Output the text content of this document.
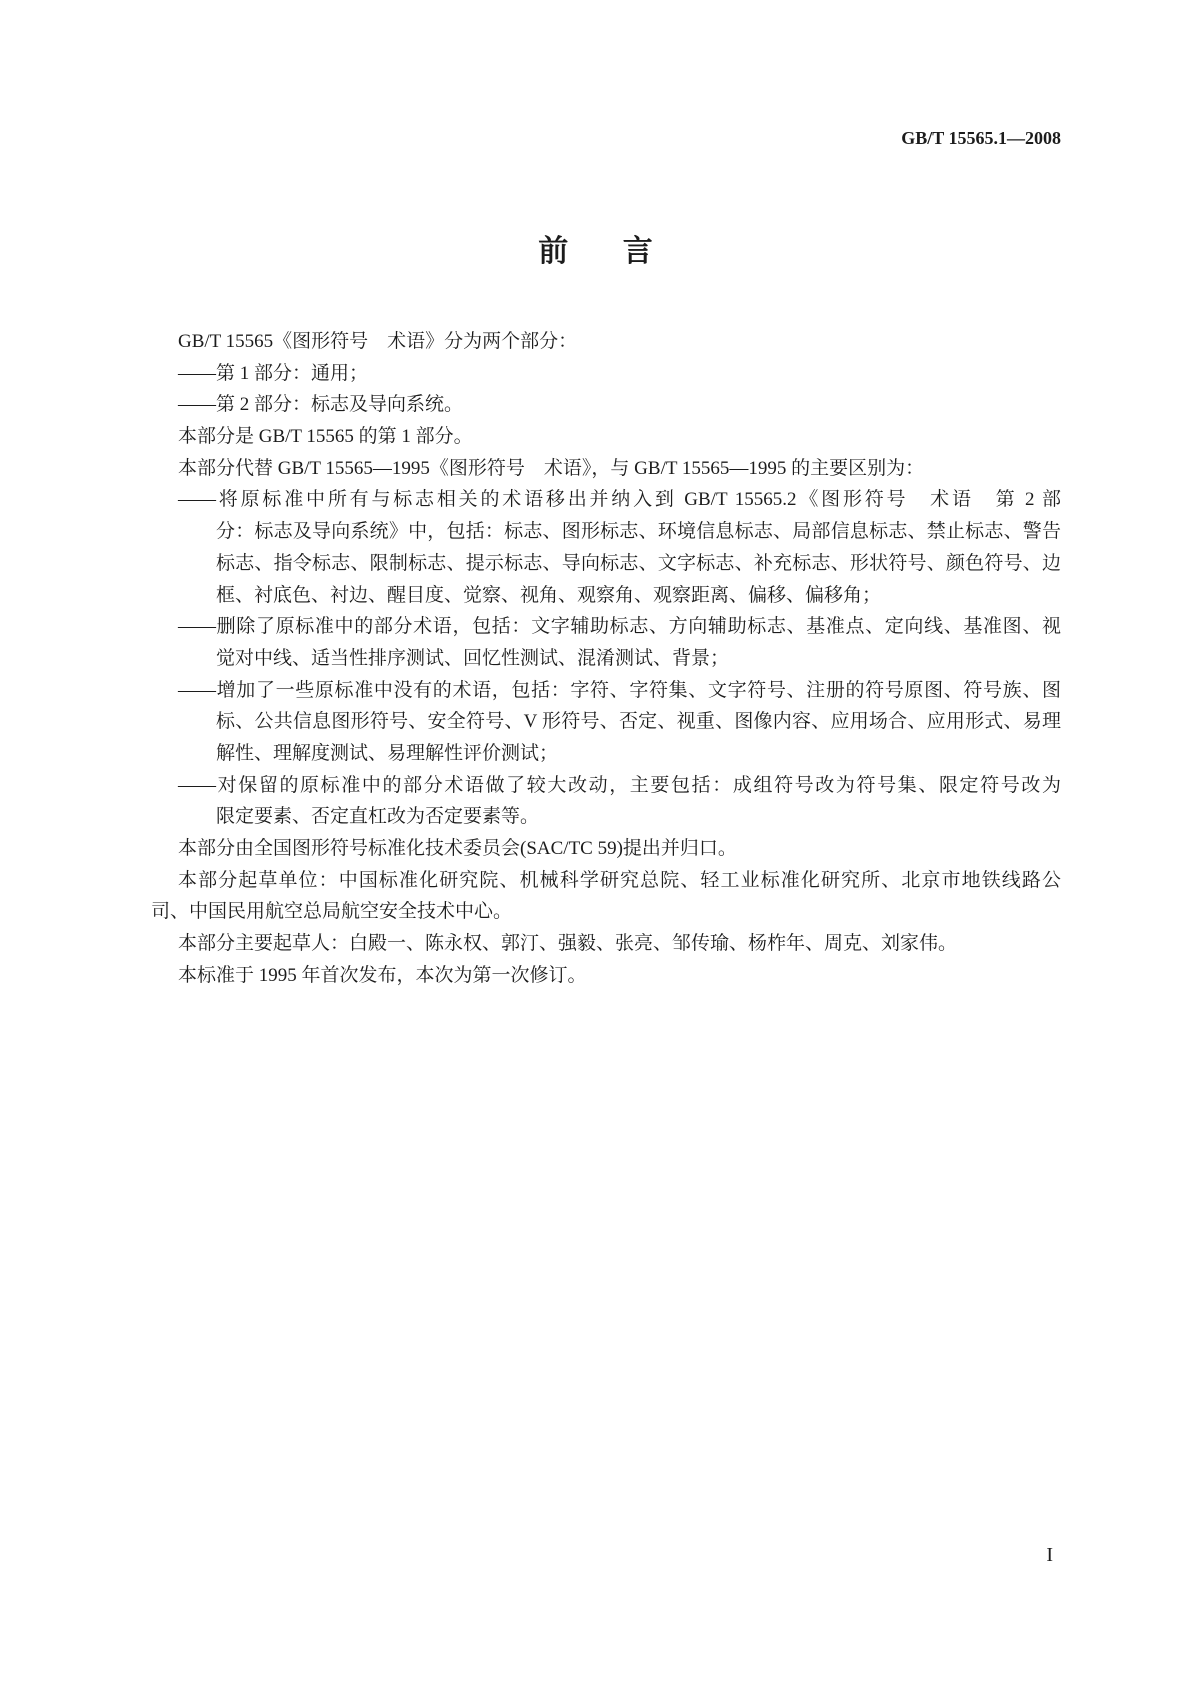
GB/T 15565.1—2008
前 言
GB/T 15565《图形符号　术语》分为两个部分：
——第 1 部分：通用；
——第 2 部分：标志及导向系统。
本部分是 GB/T 15565 的第 1 部分。
本部分代替 GB/T 15565—1995《图形符号　术语》，与 GB/T 15565—1995 的主要区别为：
——将原标准中所有与标志相关的术语移出并纳入到 GB/T 15565.2《图形符号　术语　第 2 部
分：标志及导向系统》中，包括：标志、图形标志、环境信息标志、局部信息标志、禁止标志、警告
标志、指令标志、限制标志、提示标志、导向标志、文字标志、补充标志、形状符号、颜色符号、边
框、衬底色、衬边、醒目度、觉察、视角、观察角、观察距离、偏移、偏移角；
——删除了原标准中的部分术语，包括：文字辅助标志、方向辅助标志、基准点、定向线、基准图、视
觉对中线、适当性排序测试、回忆性测试、混淆测试、背景；
——增加了一些原标准中没有的术语，包括：字符、字符集、文字符号、注册的符号原图、符号族、图
标、公共信息图形符号、安全符号、V 形符号、否定、视重、图像内容、应用场合、应用形式、易理
解性、理解度测试、易理解性评价测试；
——对保留的原标准中的部分术语做了较大改动，主要包括：成组符号改为符号集、限定符号改为
限定要素、否定直杠改为否定要素等。
本部分由全国图形符号标准化技术委员会(SAC/TC 59)提出并归口。
本部分起草单位：中国标准化研究院、机械科学研究总院、轻工业标准化研究所、北京市地铁线路公
司、中国民用航空总局航空安全技术中心。
本部分主要起草人：白殿一、陈永权、郭汀、强毅、张亮、邹传瑜、杨柞年、周克、刘家伟。
本标准于 1995 年首次发布，本次为第一次修订。
I
